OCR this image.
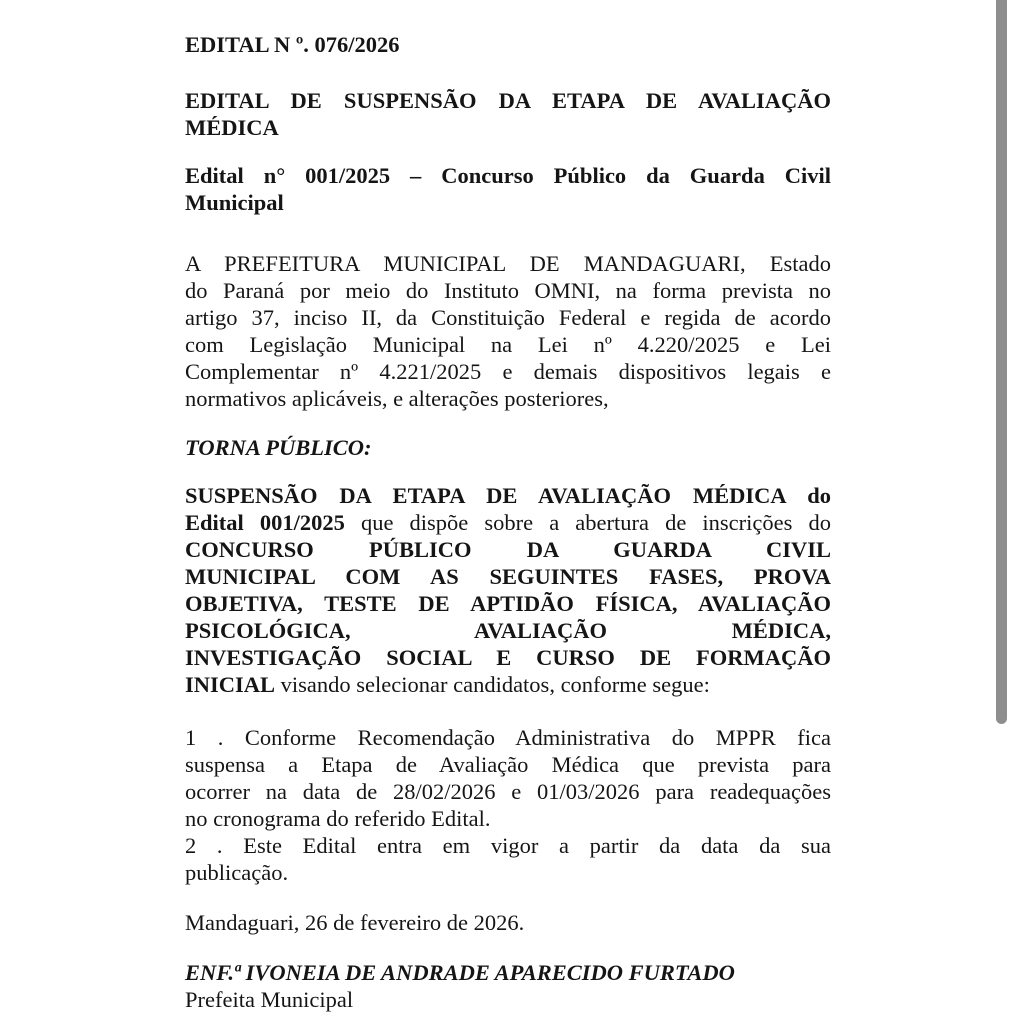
EDITAL N º. 076/2026
EDITAL DE SUSPENSÃO DA ETAPA DE AVALIAÇÃO
MÉDICA
Edital n° 001/2025 – Concurso Público da Guarda Civil
Municipal
A PREFEITURA MUNICIPAL DE MANDAGUARI, Estado
do Paraná por meio do Instituto OMNI, na forma prevista no
artigo 37, inciso II, da Constituição Federal e regida de acordo
com Legislação Municipal na Lei nº 4.220/2025 e Lei
Complementar nº 4.221/2025 e demais dispositivos legais e
normativos aplicáveis, e alterações posteriores,
TORNA PÚBLICO:
SUSPENSÃO DA ETAPA DE AVALIAÇÃO MÉDICA do
Edital 001/2025 que dispõe sobre a abertura de inscrições do
CONCURSO PÚBLICO DA GUARDA CIVIL
MUNICIPAL COM AS SEGUINTES FASES, PROVA
OBJETIVA, TESTE DE APTIDÃO FÍSICA, AVALIAÇÃO
PSICOLÓGICA, AVALIAÇÃO MÉDICA,
INVESTIGAÇÃO SOCIAL E CURSO DE FORMAÇÃO
INICIAL visando selecionar candidatos, conforme segue:
1 . Conforme Recomendação Administrativa do MPPR fica
suspensa a Etapa de Avaliação Médica que prevista para
ocorrer na data de 28/02/2026 e 01/03/2026 para readequações
no cronograma do referido Edital.
2 . Este Edital entra em vigor a partir da data da sua
publicação.
Mandaguari, 26 de fevereiro de 2026.
ENF.ª IVONEIA DE ANDRADE APARECIDO FURTADO
Prefeita Municipal
